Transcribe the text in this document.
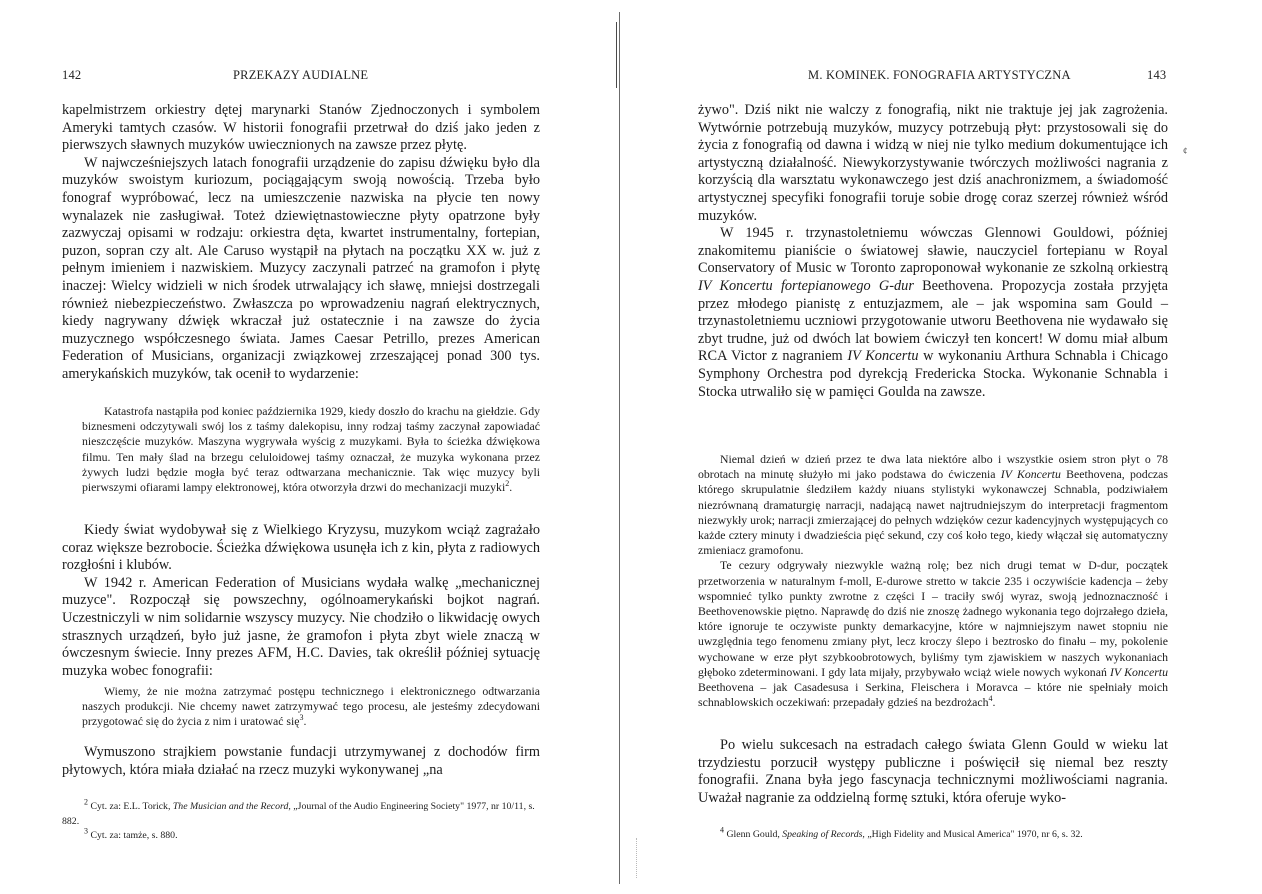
142	PRZEKAZY AUDIALNE

kapelmistrzem orkiestry dętej marynarki Stanów Zjednoczonych i symbolem Ameryki tamtych czasów. W historii fonografii przetrwał do dziś jako jeden z pierwszych sławnych muzyków uwiecznionych na zawsze przez płytę.

W najwcześniejszych latach fonografii urządzenie do zapisu dźwięku było dla muzyków swoistym kuriozum, pociągającym swoją nowością. Trzeba było fonograf wypróbować, lecz na umieszczenie nazwiska na płycie ten nowy wynalazek nie zasługiwał. Toteż dziewiętnastowieczne płyty opatrzone były zazwyczaj opisami w rodzaju: orkiestra dęta, kwartet instrumentalny, fortepian, puzon, sopran czy alt. Ale Caruso wystąpił na płytach na początku XX w. już z pełnym imieniem i nazwiskiem. Muzycy zaczynali patrzeć na gramofon i płytę inaczej: Wielcy widzieli w nich środek utrwalający ich sławę, mniejsi dostrzegali również niebezpieczeństwo. Zwłaszcza po wprowadzeniu nagrań elektrycznych, kiedy nagrywany dźwięk wkraczał już ostatecznie i na zawsze do życia muzycznego współczesnego świata. James Caesar Petrillo, prezes American Federation of Musicians, organizacji związkowej zrzeszającej ponad 300 tys. amerykańskich muzyków, tak ocenił to wydarzenie:

Katastrofa nastąpiła pod koniec października 1929, kiedy doszło do krachu na giełdzie. Gdy biznesmeni odczytywali swój los z taśmy dalekopisu, inny rodzaj taśmy zaczynał zapowiadać nieszczęście muzyków. Maszyna wygrywała wyścig z muzykami. Była to ścieżka dźwiękowa filmu. Ten mały ślad na brzegu celuloidowej taśmy oznaczał, że muzyka wykonana przez żywych ludzi będzie mogła być teraz odtwarzana mechanicznie. Tak więc muzycy byli pierwszymi ofiarami lampy elektronowej, która otworzyła drzwi do mechanizacji muzyki$^2$.

Kiedy świat wydobywał się z Wielkiego Kryzysu, muzykom wciąż zagrażało coraz większe bezrobocie. Ścieżka dźwiękowa usunęła ich z kin, płyta z radiowych rozgłośni i klubów.

W 1942 r. American Federation of Musicians wydała walkę „mechanicznej muzyce". Rozpoczął się powszechny, ogólnoamerykański bojkot nagrań. Uczestniczyli w nim solidarnie wszyscy muzycy. Nie chodziło o likwidację owych strasznych urządzeń, było już jasne, że gramofon i płyta zbyt wiele znaczą w ówczesnym świecie. Inny prezes AFM, H.C. Davies, tak określił później sytuację muzyka wobec fonografii:

Wiemy, że nie można zatrzymać postępu technicznego i elektronicznego odtwarzania naszych produkcji. Nie chcemy nawet zatrzymywać tego procesu, ale jesteśmy zdecydowani przygotować się do życia z nim i uratować się$^3$.

Wymuszono strajkiem powstanie fundacji utrzymywanej z dochodów firm płytowych, która miała działać na rzecz muzyki wykonywanej „na

$^2$ Cyt. za: E.L. Torick, The Musician and the Record, „Journal of the Audio Engineering Society" 1977, nr 10/11, s. 882.

$^3$ Cyt. za: tamże, s. 880.

M. KOMINEK. FONOGRAFIA ARTYSTYCZNA	143

żywo". Dziś nikt nie walczy z fonografią, nikt nie traktuje jej jak zagrożenia. Wytwórnie potrzebują muzyków, muzycy potrzebują płyt: przystosowali się do życia z fonografią od dawna i widzą w niej nie tylko medium dokumentujące ich artystyczną działalność. Niewykorzystywanie twórczych możliwości nagrania z korzyścią dla warsztatu wykonawczego jest dziś anachronizmem, a świadomość artystycznej specyfiki fonografii toruje sobie drogę coraz szerzej również wśród muzyków.

W 1945 r. trzynastoletniemu wówczas Glennowi Gouldowi, później znakomitemu pianiście o światowej sławie, nauczyciel fortepianu w Royal Conservatory of Music w Toronto zaproponował wykonanie ze szkolną orkiestrą IV Koncertu fortepianowego G-dur Beethovena. Propozycja została przyjęta przez młodego pianistę z entuzjazmem, ale – jak wspomina sam Gould – trzynastoletniemu uczniowi przygotowanie utworu Beethovena nie wydawało się zbyt trudne, już od dwóch lat bowiem ćwiczył ten koncert! W domu miał album RCA Victor z nagraniem IV Koncertu w wykonaniu Arthura Schnabla i Chicago Symphony Orchestra pod dyrekcją Fredericka Stocka. Wykonanie Schnabla i Stocka utrwaliło się w pamięci Goulda na zawsze.

Niemal dzień w dzień przez te dwa lata niektóre albo i wszystkie osiem stron płyt o 78 obrotach na minutę służyło mi jako podstawa do ćwiczenia IV Koncertu Beethovena, podczas którego skrupulatnie śledziłem każdy niuans stylistyki wykonawczej Schnabla, podziwiałem niezrównaną dramaturgię narracji, nadającą nawet najtrudniejszym do interpretacji fragmentom niezwykły urok; narracji zmierzającej do pełnych wdzięków cezur kadencyjnych występujących co każde cztery minuty i dwadzieścia pięć sekund, czy coś koło tego, kiedy włączał się automatyczny zmieniacz gramofonu.

Te cezury odgrywały niezwykle ważną rolę; bez nich drugi temat w D-dur, początek przetworzenia w naturalnym f-moll, E-durowe stretto w takcie 235 i oczywiście kadencja – żeby wspomnieć tylko punkty zwrotne z części I – traciły swój wyraz, swoją jednoznaczność i Beethovenowskie piętno. Naprawdę do dziś nie znoszę żadnego wykonania tego dojrzałego dzieła, które ignoruje te oczywiste punkty demarkacyjne, które w najmniejszym nawet stopniu nie uwzględnia tego fenomenu zmiany płyt, lecz kroczy ślepo i beztrosko do finału – my, pokolenie wychowane w erze płyt szybkoobrotowych, byliśmy tym zjawiskiem w naszych wykonaniach głęboko zdeterminowani. I gdy lata mijały, przybywało wciąż wiele nowych wykonań IV Koncertu Beethovena – jak Casadesusa i Serkina, Fleischera i Moravca – które nie spełniały moich schnablowskich oczekiwań: przepadały gdzieś na bezdrożach$^4$.

Po wielu sukcesach na estradach całego świata Glenn Gould w wieku lat trzydziestu porzucił występy publiczne i poświęcił się niemal bez reszty fonografii. Znana była jego fascynacja technicznymi możliwościami nagrania. Uważał nagranie za oddzielną formę sztuki, która oferuje wyko-

$^4$ Glenn Gould, Speaking of Records, „High Fidelity and Musical America" 1970, nr 6, s. 32.

¢
